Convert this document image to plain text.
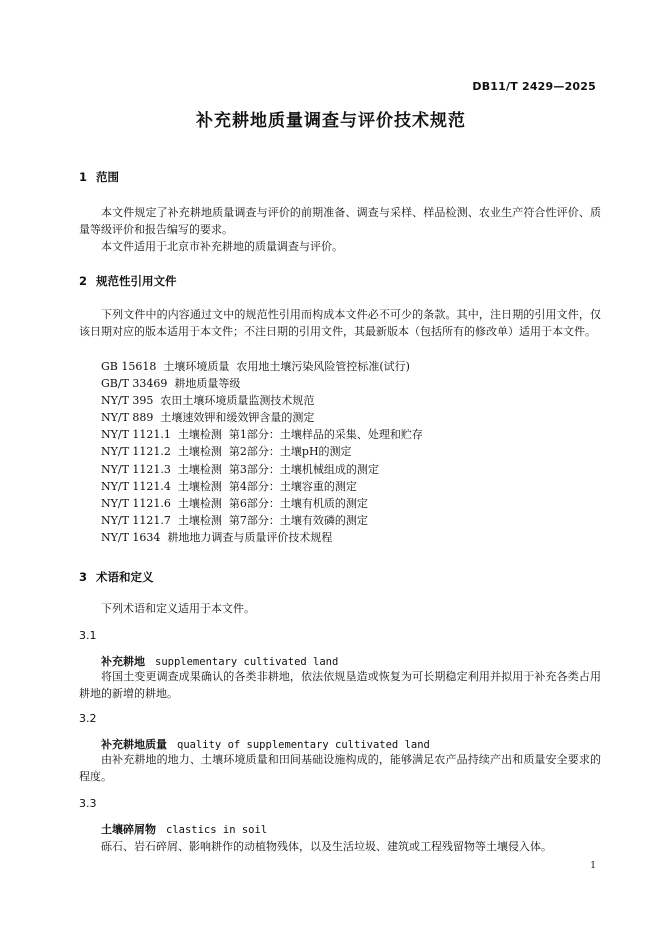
DB11/T 2429—2025
补充耕地质量调查与评价技术规范
1 范围
本文件规定了补充耕地质量调查与评价的前期准备、调查与采样、样品检测、农业生产符合性评价、质量等级评价和报告编写的要求。
本文件适用于北京市补充耕地的质量调查与评价。
2 规范性引用文件
下列文件中的内容通过文中的规范性引用而构成本文件必不可少的条款。其中，注日期的引用文件，仅该日期对应的版本适用于本文件；不注日期的引用文件，其最新版本（包括所有的修改单）适用于本文件。
GB 15618  土壤环境质量  农用地土壤污染风险管控标准(试行)
GB/T 33469  耕地质量等级
NY/T 395  农田土壤环境质量监测技术规范
NY/T 889  土壤速效钾和缓效钾含量的测定
NY/T 1121.1  土壤检测  第1部分：土壤样品的采集、处理和贮存
NY/T 1121.2  土壤检测  第2部分：土壤pH的测定
NY/T 1121.3  土壤检测  第3部分：土壤机械组成的测定
NY/T 1121.4  土壤检测  第4部分：土壤容重的测定
NY/T 1121.6  土壤检测  第6部分：土壤有机质的测定
NY/T 1121.7  土壤检测  第7部分：土壤有效磷的测定
NY/T 1634  耕地地力调查与质量评价技术规程
3 术语和定义
下列术语和定义适用于本文件。
3.1
补充耕地 supplementary cultivated land
将国土变更调查成果确认的各类非耕地，依法依规垦造或恢复为可长期稳定利用并拟用于补充各类占用耕地的新增的耕地。
3.2
补充耕地质量 quality of supplementary cultivated land
由补充耕地的地力、土壤环境质量和田间基础设施构成的，能够满足农产品持续产出和质量安全要求的程度。
3.3
土壤碎屑物 clastics in soil
砾石、岩石碎屑、影响耕作的动植物残体，以及生活垃圾、建筑或工程残留物等土壤侵入体。
1
